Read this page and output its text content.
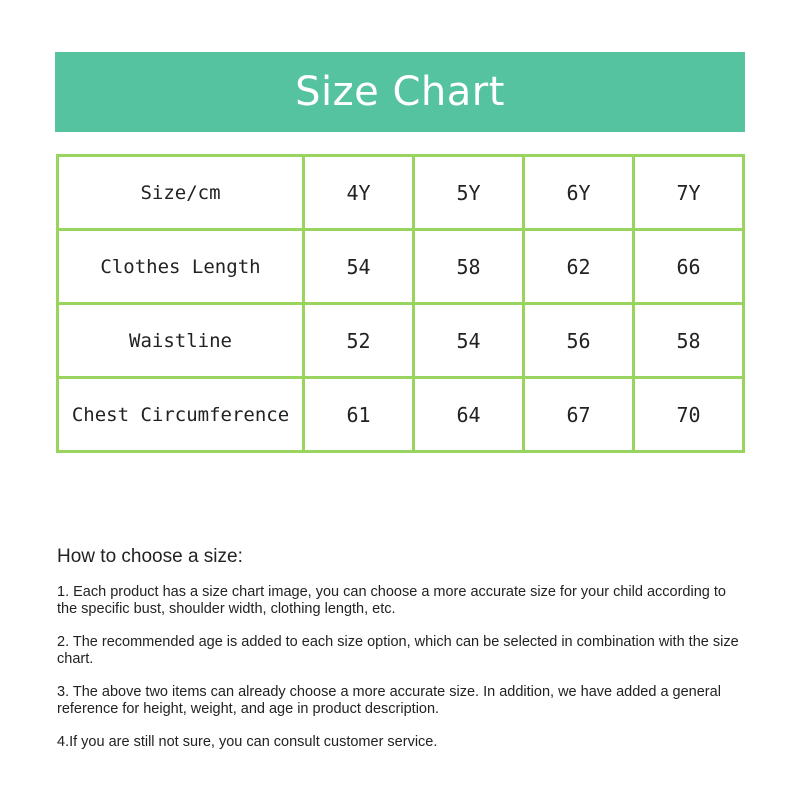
Size Chart
Size/cm	4Y	5Y	6Y	7Y
Clothes Length	54	58	62	66
Waistline	52	54	56	58
Chest Circumference	61	64	67	70

How to choose a size:

1. Each product has a size chart image, you can choose a more accurate size for your child according to the specific bust, shoulder width, clothing length, etc.

2. The recommended age is added to each size option, which can be selected in combination with the size chart.

3. The above two items can already choose a more accurate size. In addition, we have added a general reference for height, weight, and age in product description.

4.If you are still not sure, you can consult customer service.
